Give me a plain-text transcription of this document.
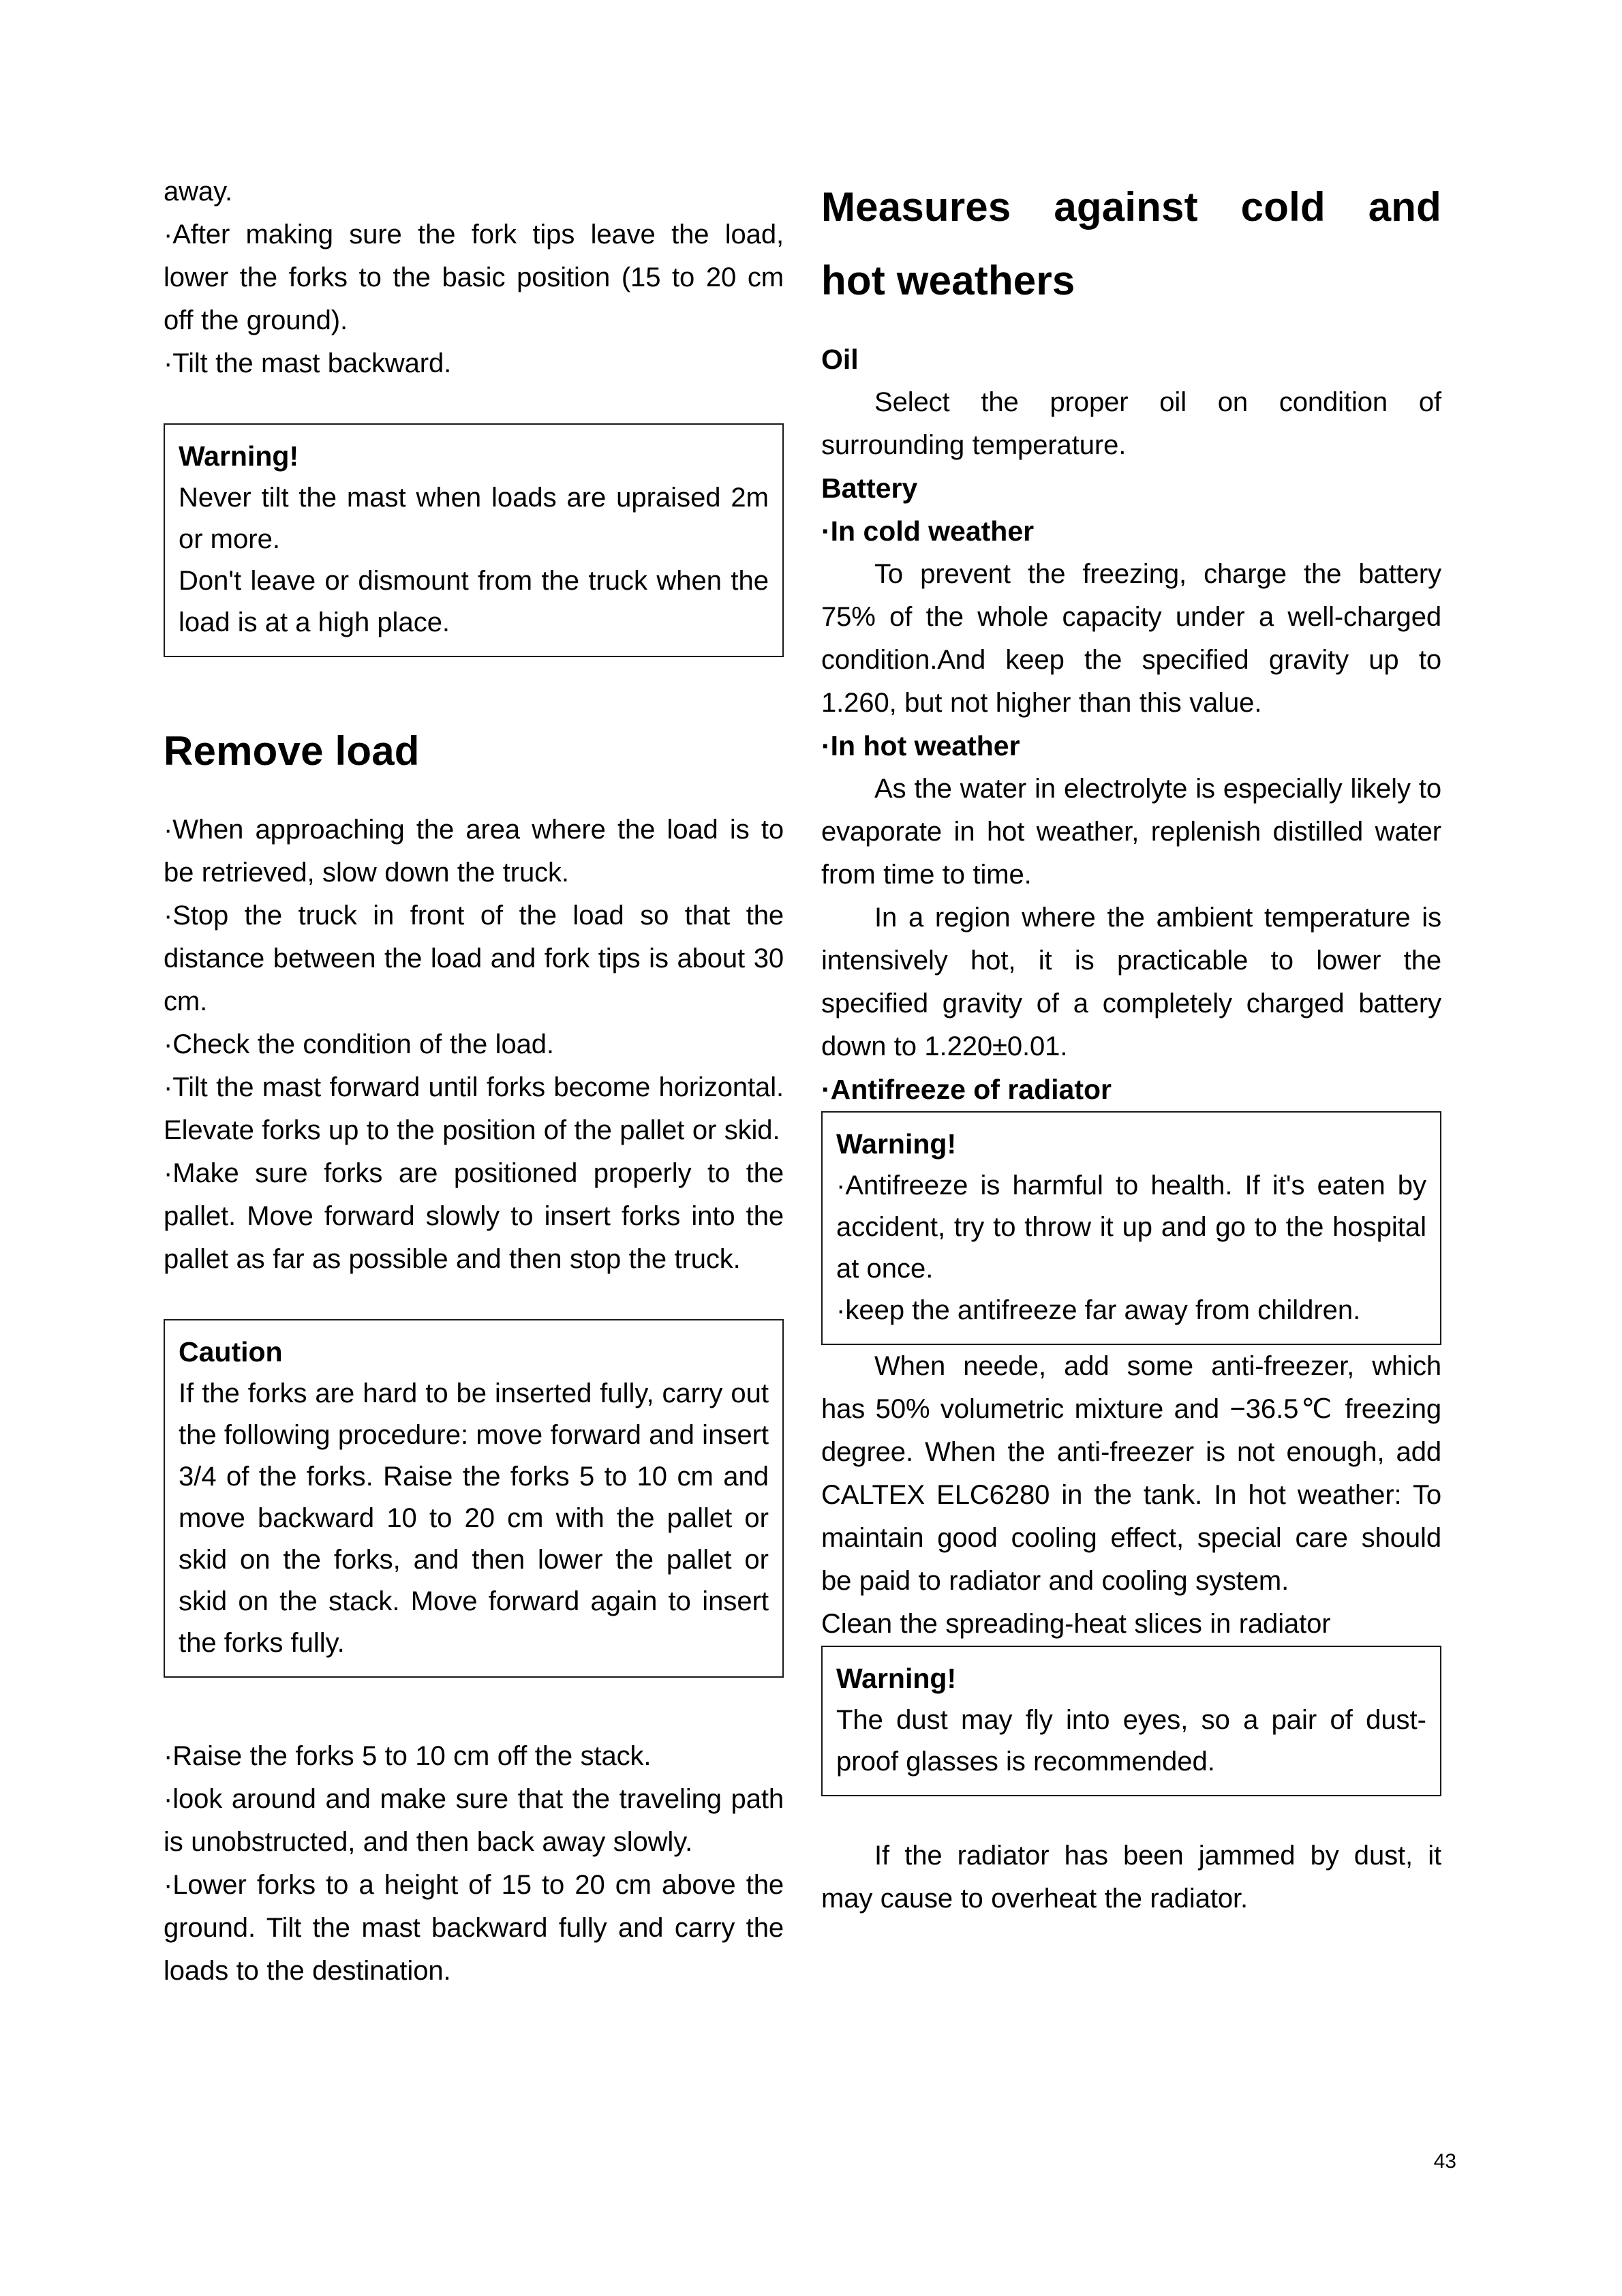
away.

·After making sure the fork tips leave the load, lower the forks to the basic position (15 to 20 cm off the ground).

·Tilt the mast backward.

Warning!

Never tilt the mast when loads are upraised 2m or more.

Don't leave or dismount from the truck when the load is at a high place.

Remove load

·When approaching the area where the load is to be retrieved, slow down the truck.

·Stop the truck in front of the load so that the distance between the load and fork tips is about 30 cm.

·Check the condition of the load.

·Tilt the mast forward until forks become horizontal. Elevate forks up to the position of the pallet or skid.

·Make sure forks are positioned properly to the pallet. Move forward slowly to insert forks into the pallet as far as possible and then stop the truck.

Caution

If the forks are hard to be inserted fully, carry out the following procedure: move forward and insert 3/4 of the forks. Raise the forks 5 to 10 cm and move backward 10 to 20 cm with the pallet or skid on the forks, and then lower the pallet or skid on the stack. Move forward again to insert the forks fully.

·Raise the forks 5 to 10 cm off the stack.

·look around and make sure that the traveling path is unobstructed, and then back away slowly.

·Lower forks to a height of 15 to 20 cm above the ground. Tilt the mast backward fully and carry the loads to the destination.

Measures against cold and
hot weathers
Oil

Select the proper oil on condition of surrounding temperature.

Battery
·In cold weather

To prevent the freezing, charge the battery 75% of the whole capacity under a well-charged condition.And keep the specified gravity up to 1.260, but not higher than this value.

·In hot weather

As the water in electrolyte is especially likely to evaporate in hot weather, replenish distilled water from time to time.

In a region where the ambient temperature is intensively hot, it is practicable to lower the specified gravity of a completely charged battery down to 1.220±0.01.

·Antifreeze of radiator
Warning!

·Antifreeze is harmful to health. If it's eaten by accident, try to throw it up and go to the hospital at once.

·keep the antifreeze far away from children.

When neede, add some anti-freezer, which has 50% volumetric mixture and −36.5℃ freezing degree. When the anti-freezer is not enough, add CALTEX ELC6280 in the tank. In hot weather: To maintain good cooling effect, special care should be paid to radiator and cooling system.

Clean the spreading-heat slices in radiator

Warning!

The dust may fly into eyes, so a pair of dust-proof glasses is recommended.

If the radiator has been jammed by dust, it may cause to overheat the radiator.

43
